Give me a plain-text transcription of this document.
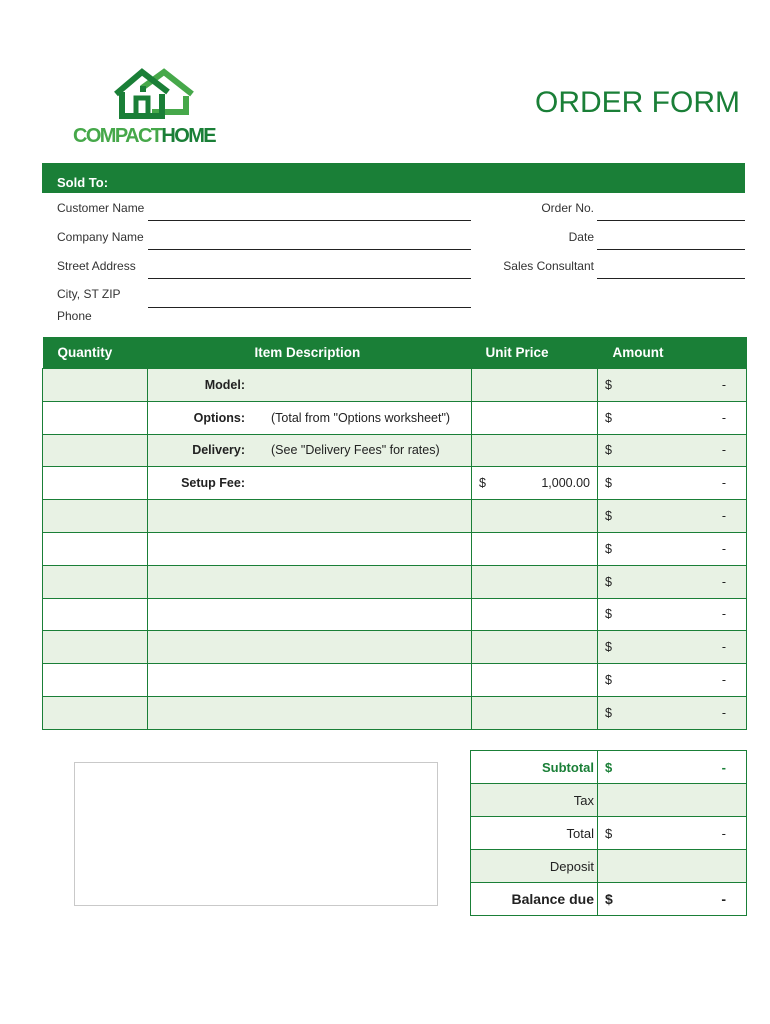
COMPACTHOME
ORDER FORM
Sold To:
Customer Name
Company Name
Street Address
City, ST ZIP
Phone
Order No.
Date
Sales Consultant
Quantity	Item Description	Unit Price	Amount

	Model:		$ -

	Options: (Total from "Options worksheet")		$ -

	Delivery: (See "Delivery Fees" for rates)		$ -

	Setup Fee:	$ 1,000.00	$ -

			$ -

			$ -

			$ -

			$ -

			$ -

			$ -

			$ -
Subtotal	$ -

Tax	
Total	$ -

Deposit	
Balance due	$ -
